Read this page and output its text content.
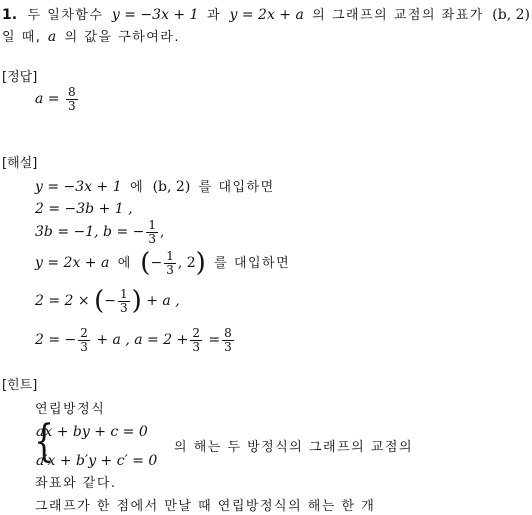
1. 두 일차함수 y = −3x + 1 과 y = 2x + a 의 그래프의 교점의 좌표가 (b, 2)
일 때, a 의 값을 구하여라.
[정답]
$a = \frac{8}{3}$
[해설]
y = −3x + 1 에 (b, 2) 를 대입하면
2 = −3b + 1 ,
3b = −1, b = − $\frac{1}{3}$ ,
y = 2x + a 에 (− $\frac{1}{3}$ , 2) 를 대입하면
2 = 2 × (− $\frac{1}{3}$ ) + a ,
2 = − $\frac{2}{3} + a$ , $a = 2 + \frac{2}{3} = \frac{8}{3}$
[힌트]
연립방정식
{
ax + by + c = 0
a′x + b′y + c′ = 0
의 해는 두 방정식의 그래프의 교점의
좌표와 같다.
그래프가 한 점에서 만날 때 연립방정식의 해는 한 개
